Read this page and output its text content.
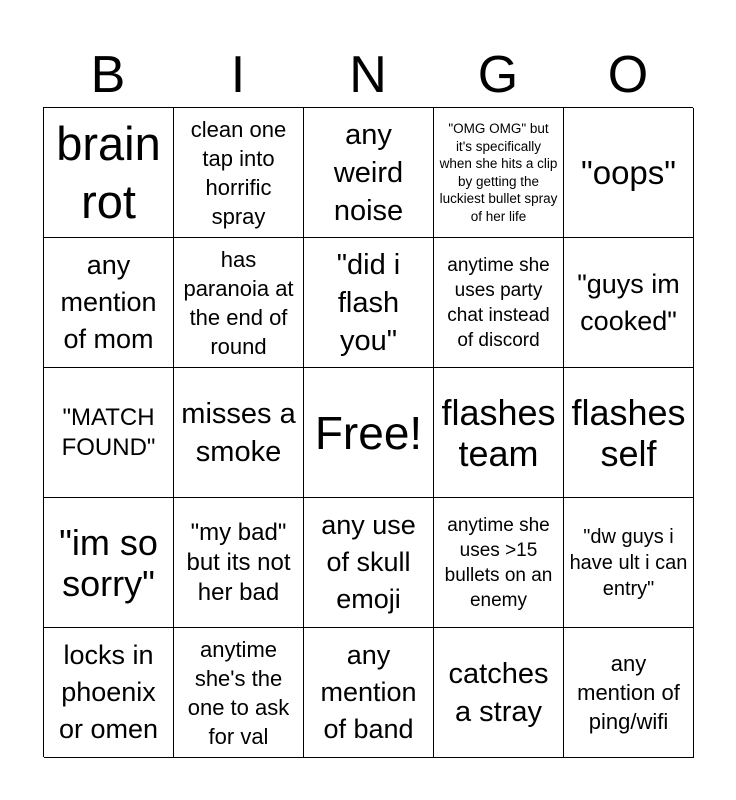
B	I	N	G	O
brain rot
clean one tap into horrific spray
any weird noise
"OMG OMG" but it's specifically when she hits a clip by getting the luckiest bullet spray of her life
"oops"
any mention of mom
has paranoia at the end of round
"did i flash you"
anytime she uses party chat instead of discord
"guys im cooked"
"MATCH FOUND"
misses a smoke Free! flashes team
flashes self
"im so sorry"
"my bad" but its not her bad
any use of skull emoji
anytime she uses >15 bullets on an enemy
"dw guys i have ult i can entry"
locks in phoenix or omen
anytime she's the one to ask for val
any mention of band
catches a stray
any mention of ping/wifi
